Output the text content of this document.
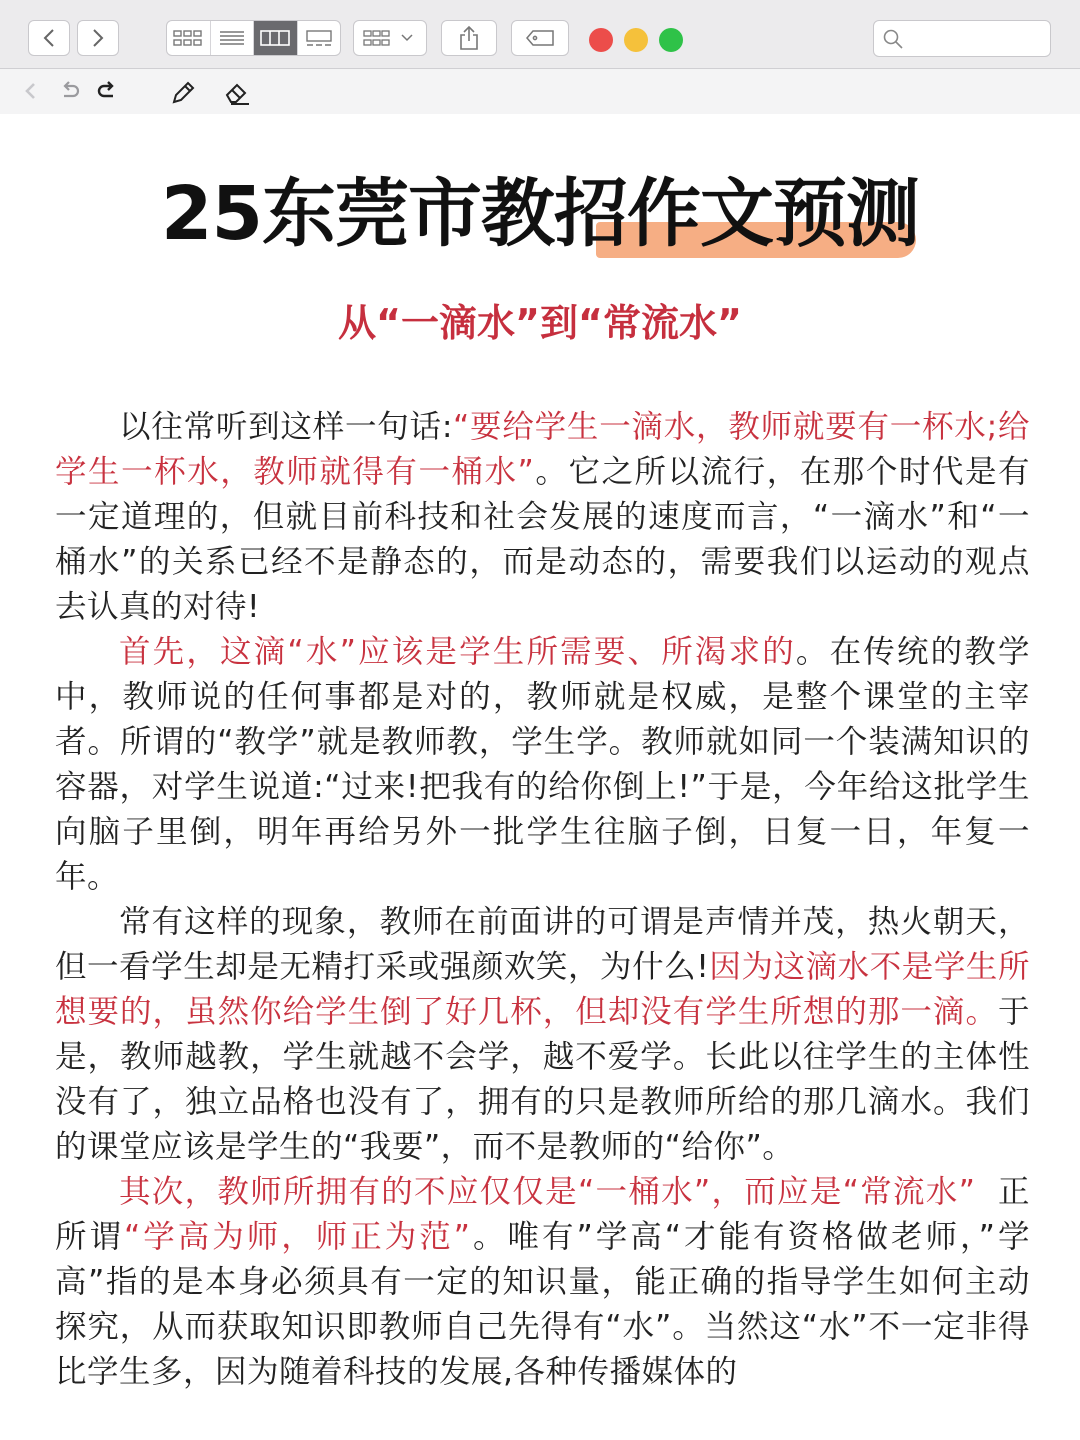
25东莞市教招作文预测
从“一滴水”到“常流水”

以往常听到这样一句话:“要给学生一滴水，教师就要有一杯水;给学生一杯水，教师就得有一桶水”。它之所以流行，在那个时代是有一定道理的，但就目前科技和社会发展的速度而言，“一滴水”和“一桶水”的关系已经不是静态的，而是动态的，需要我们以运动的观点去认真的对待!

首先，这滴“水”应该是学生所需要、所渴求的。在传统的教学中，教师说的任何事都是对的，教师就是权威，是整个课堂的主宰者。所谓的“教学”就是教师教，学生学。教师就如同一个装满知识的容器，对学生说道:“过来!把我有的给你倒上!”于是，今年给这批学生向脑子里倒，明年再给另外一批学生往脑子倒，日复一日，年复一年。

常有这样的现象，教师在前面讲的可谓是声情并茂，热火朝天，但一看学生却是无精打采或强颜欢笑，为什么!因为这滴水不是学生所想要的，虽然你给学生倒了好几杯，但却没有学生所想的那一滴。于是，教师越教，学生就越不会学，越不爱学。长此以往学生的主体性没有了，独立品格也没有了，拥有的只是教师所给的那几滴水。我们的课堂应该是学生的“我要”，而不是教师的“给你”。

其次，教师所拥有的不应仅仅是“一桶水”，而应是“常流水” 正所谓“学高为师，师正为范”。唯有”学高“才能有资格做老师，”学高”指的是本身必须具有一定的知识量，能正确的指导学生如何主动探究，从而获取知识即教师自己先得有“水”。当然这“水”不一定非得比学生多，因为随着科技的发展,各种传播媒体的
